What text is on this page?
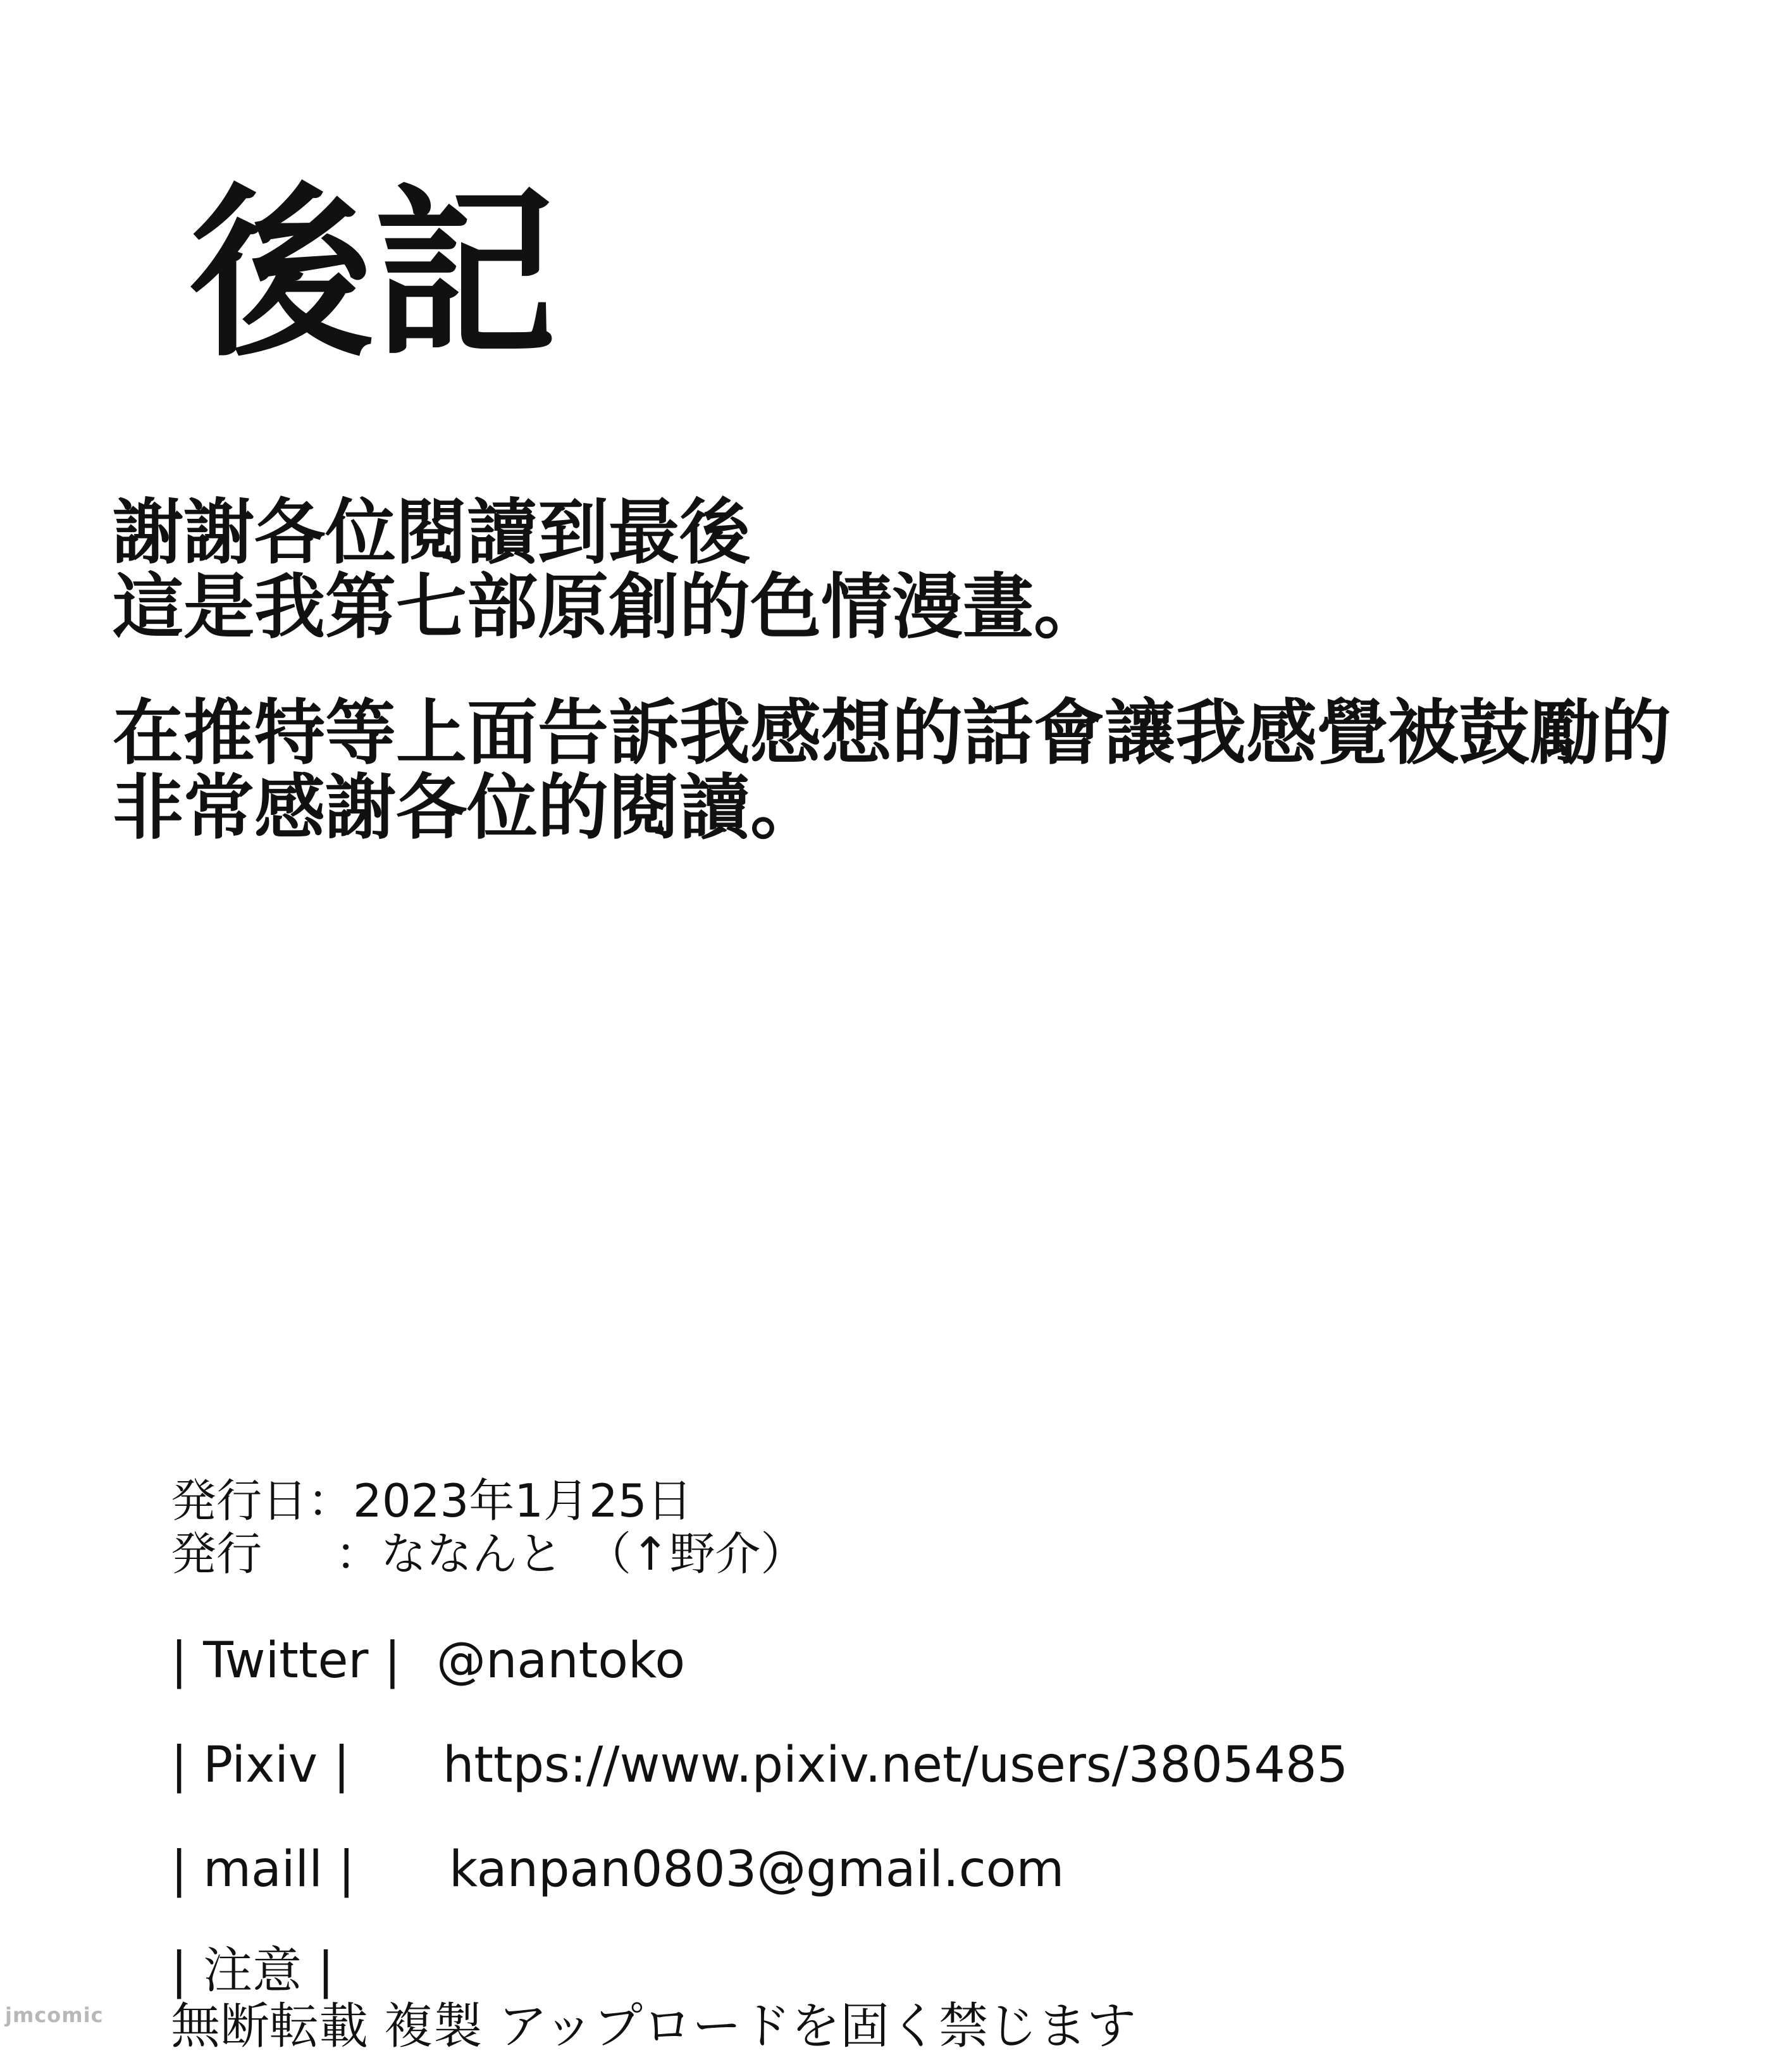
後記
謝謝各位閱讀到最後
這是我第七部原創的色情漫畫。
在推特等上面告訴我感想的話會讓我感覺被鼓勵的
非常感謝各位的閱讀。
発行日：2023年1月25日
発行 ：ななんと　（↑野介）
| Twitter | @nantoko
| Pixiv | https://www.pixiv.net/users/3805485
| maill | kanpan0803@gmail.com
| 注意 |
無断転載 複製 アップロードを固く禁じます
jmcomic
